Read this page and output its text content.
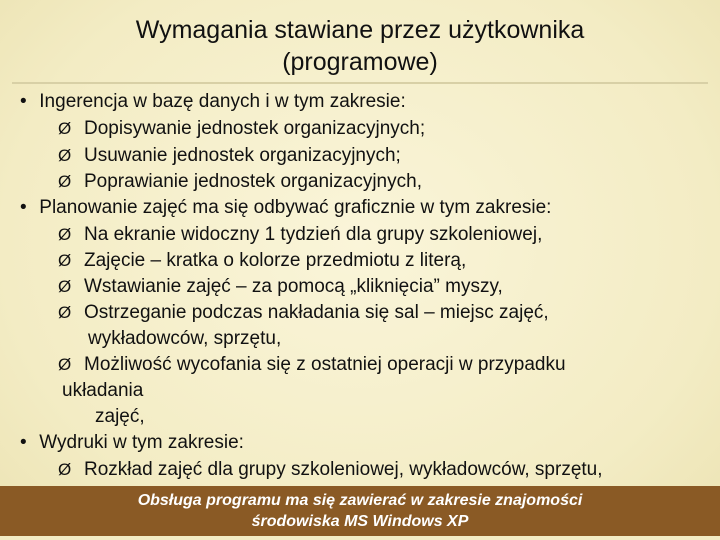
Wymagania stawiane przez użytkownika
(programowe)
• Ingerencja w bazę danych i w tym zakresie:
Ø Dopisywanie jednostek organizacyjnych;
Ø Usuwanie jednostek organizacyjnych;
Ø Poprawianie jednostek organizacyjnych,
• Planowanie zajęć ma się odbywać graficznie w tym zakresie:
Ø Na ekranie widoczny 1 tydzień dla grupy szkoleniowej,
Ø Zajęcie – kratka o kolorze przedmiotu z literą,
Ø Wstawianie zajęć – za pomocą „kliknięcia” myszy,
Ø Ostrzeganie podczas nakładania się sal – miejsc zajęć,
wykładowców, sprzętu,
Ø Możliwość wycofania się z ostatniej operacji w przypadku
układania
zajęć,
• Wydruki w tym zakresie:
Ø Rozkład zajęć dla grupy szkoleniowej, wykładowców, sprzętu,
Obsługa programu ma się zawierać w zakresie znajomości
środowiska MS Windows XP
